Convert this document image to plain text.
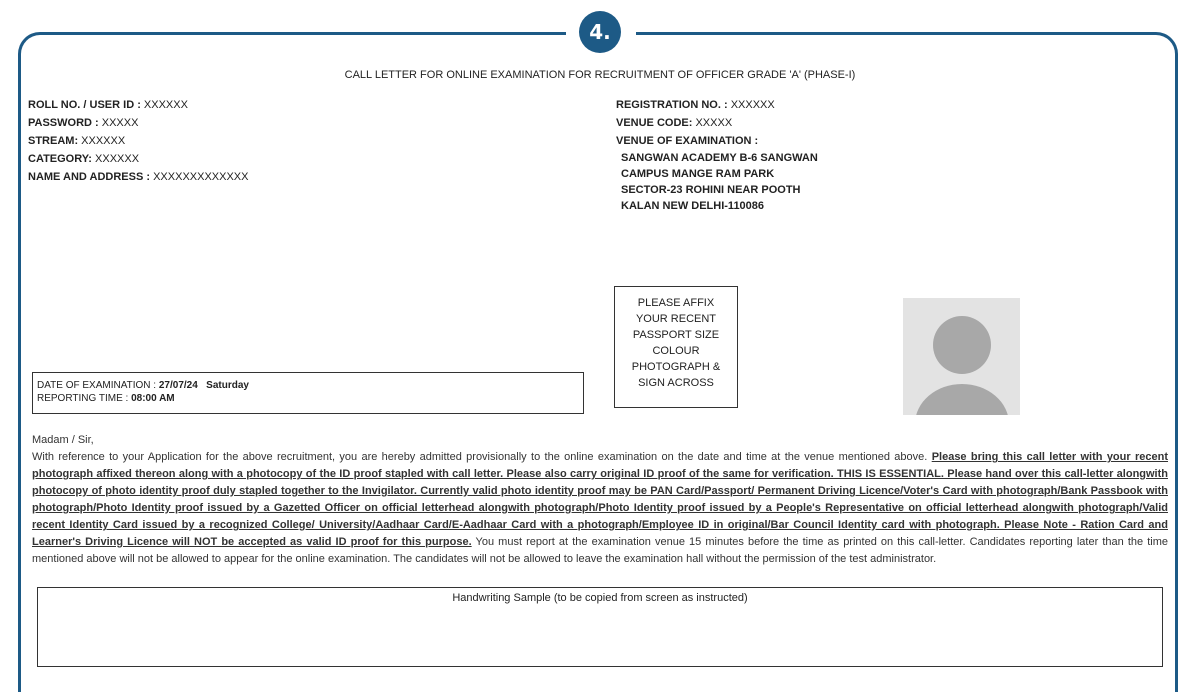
4.
CALL LETTER FOR ONLINE EXAMINATION FOR RECRUITMENT OF OFFICER GRADE 'A' (PHASE-I)
ROLL NO. / USER ID : XXXXXX
PASSWORD : XXXXX
STREAM: XXXXXX
CATEGORY: XXXXXX
NAME AND ADDRESS : XXXXXXXXXXXXX
REGISTRATION NO. : XXXXXX
VENUE CODE: XXXXX
VENUE OF EXAMINATION :
SANGWAN ACADEMY B-6 SANGWAN
CAMPUS MANGE RAM PARK
SECTOR-23 ROHINI NEAR POOTH
KALAN NEW DELHI-110086
DATE OF EXAMINATION : 27/07/24 Saturday
REPORTING TIME : 08:00 AM
PLEASE AFFIX
YOUR RECENT
PASSPORT SIZE
COLOUR
PHOTOGRAPH &
SIGN ACROSS
Madam / Sir,
With reference to your Application for the above recruitment, you are hereby admitted provisionally to the online examination on the date and time at the venue mentioned above. Please bring this call letter with your recent photograph affixed thereon along with a photocopy of the ID proof stapled with call letter. Please also carry original ID proof of the same for verification. THIS IS ESSENTIAL. Please hand over this call-letter alongwith photocopy of photo identity proof duly stapled together to the Invigilator. Currently valid photo identity proof may be PAN Card/Passport/ Permanent Driving Licence/Voter's Card with photograph/Bank Passbook with photograph/Photo Identity proof issued by a Gazetted Officer on official letterhead alongwith photograph/Photo Identity proof issued by a People's Representative on official letterhead alongwith photograph/Valid recent Identity Card issued by a recognized College/ University/Aadhaar Card/E-Aadhaar Card with a photograph/Employee ID in original/Bar Council Identity card with photograph. Please Note - Ration Card and Learner's Driving Licence will NOT be accepted as valid ID proof for this purpose. You must report at the examination venue 15 minutes before the time as printed on this call-letter. Candidates reporting later than the time mentioned above will not be allowed to appear for the online examination. The candidates will not be allowed to leave the examination hall without the permission of the test administrator.
Handwriting Sample (to be copied from screen as instructed)
